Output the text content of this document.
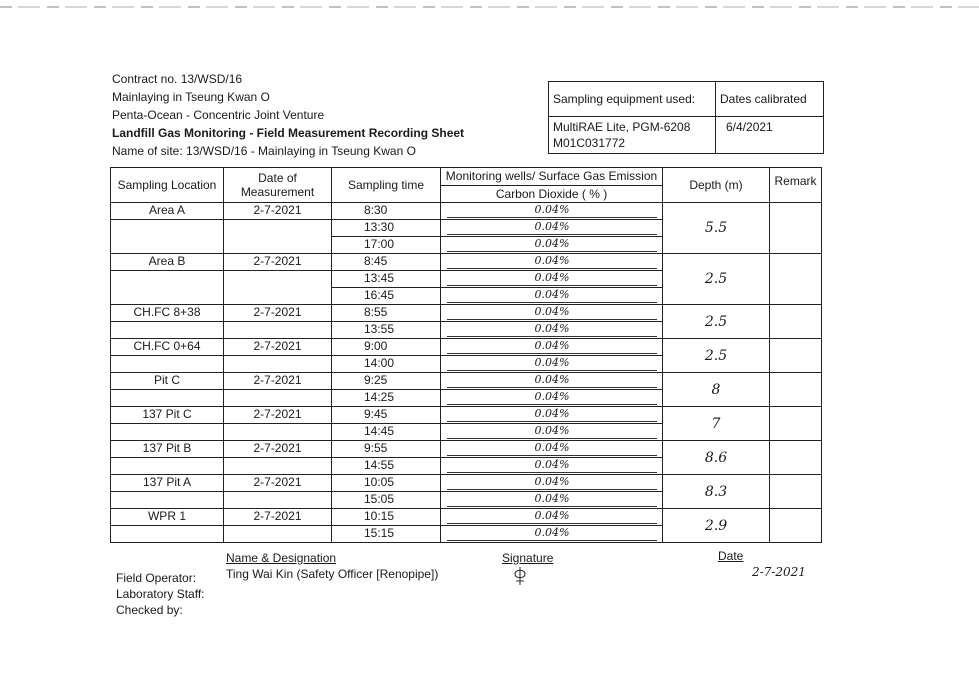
Contract no. 13/WSD/16
Mainlaying in Tseung Kwan O
Penta-Ocean - Concentric Joint Venture
Landfill Gas Monitoring - Field Measurement Recording Sheet
Name of site: 13/WSD/16 - Mainlaying in Tseung Kwan O
Sampling equipment used:	Dates calibrated

MultiRAE Lite, PGM-6208
M01C031772	6/4/2021
Sampling Location	Date of Measurement	Sampling time	Monitoring wells/ Surface Gas Emission	Depth (m)	Remark
			Carbon Dioxide ( % )		
Area A	2-7-2021	8:30	0.04%	5.5	
		13:30	0.04%		

		17:00	0.04%		

Area B	2-7-2021	8:45	0.04%	2.5	
		13:45	0.04%		

		16:45	0.04%		

CH.FC 8+38	2-7-2021	8:55	0.04%	2.5	
		13:55	0.04%		

CH.FC 0+64	2-7-2021	9:00	0.04%	2.5	
		14:00	0.04%		

Pit C	2-7-2021	9:25	0.04%	8	
		14:25	0.04%		

137 Pit C	2-7-2021	9:45	0.04%	7	
		14:45	0.04%		

137 Pit B	2-7-2021	9:55	0.04%	8.6	
		14:55	0.04%		

137 Pit A	2-7-2021	10:05	0.04%	8.3	
		15:05	0.04%		

WPR 1	2-7-2021	10:15	0.04%	2.9	
		15:15	0.04%		
Name & Designation	Signature	Date
Field Operator: Ting Wai Kin (Safety Officer [Renopipe])	2-7-2021
Laboratory Staff:
Checked by:
